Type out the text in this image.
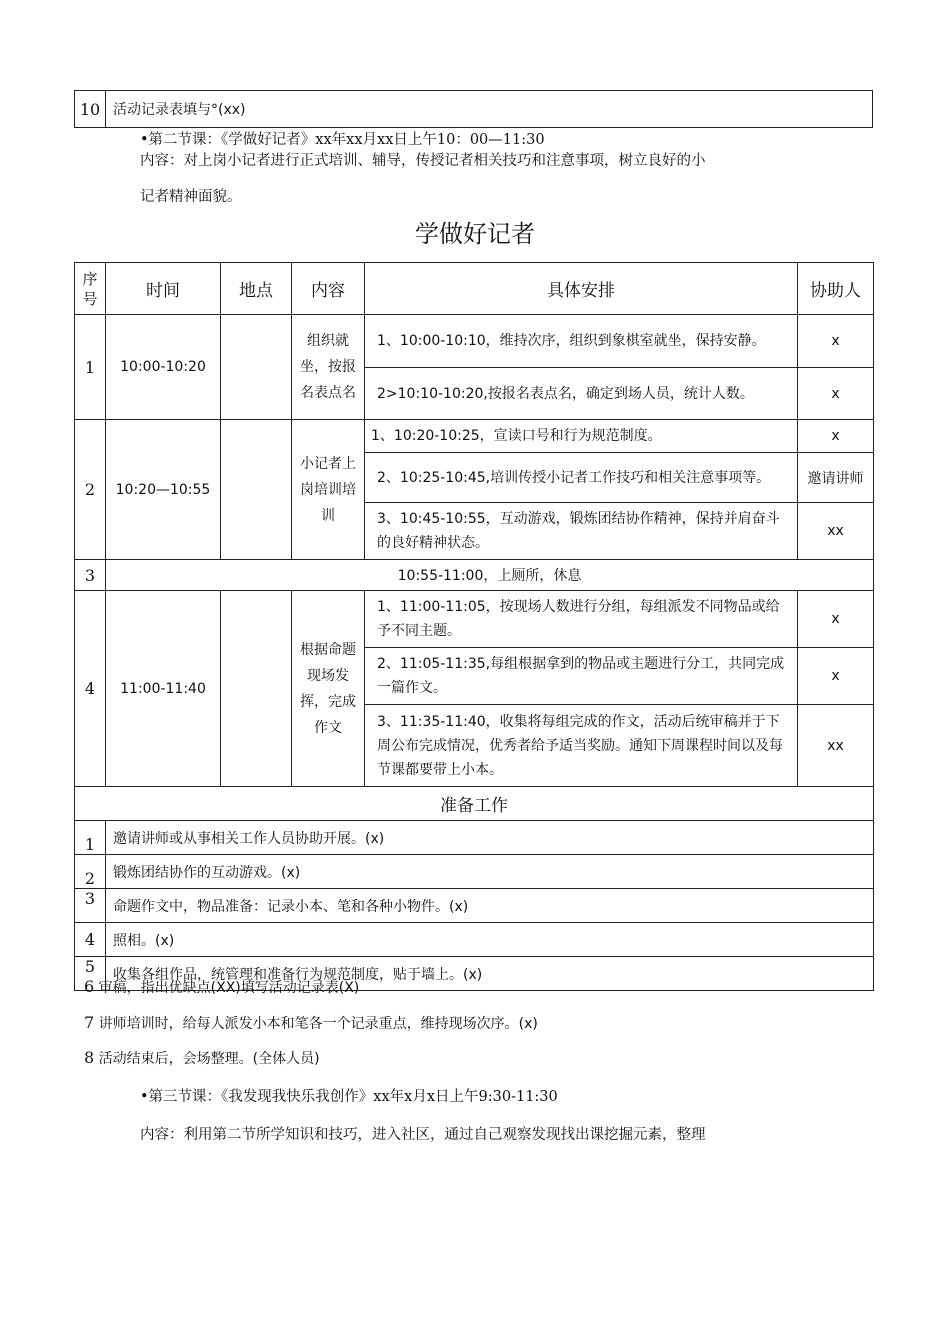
10	活动记录表填与°(xx)
•第二节课：《学做好记者》xx年xx月xx日上午10：00—11:30
内容：对上岗小记者进行正式培训、辅导，传授记者相关技巧和注意事项，树立良好的小
记者精神面貌。
学做好记者
序号	时间	地点	内容	具体安排	协助人
1	10:00-10:20		组织就坐，按报名表点名	1、10:00-10:10，维持次序，组织到象棋室就坐，保持安静。	x
				2>10:10-10:20,按报名表点名，确定到场人员，统计人数。	x
2	10:20—10:55		小记者上岗培训培训	1、10:20-10:25，宣读口号和行为规范制度。	x
				2、10:25-10:45,培训传授小记者工作技巧和相关注意事项等。	邀请讲师
				3、10:45-10:55，互动游戏，锻炼团结协作精神，保持并肩奋斗的良好精神状态。	xx
3	10:55-11:00，上厕所，休息				
4	11:00-11:40		根据命题现场发挥，完成作文	1、11:00-11:05，按现场人数进行分组，每组派发不同物品或给予不同主题。	x
				2、11:05-11:35,每组根据拿到的物品或主题进行分工，共同完成一篇作文。	x
				3、11:35-11:40，收集将每组完成的作文，活动后统审稿并于下周公布完成情况，优秀者给予适当奖励。通知下周课程时间以及每节课都要带上小本。	xx
准备工作					
1	邀请讲师或从事相关工作人员协助开展。(x)				
2	锻炼团结协作的互动游戏。(x)				
3	命题作文中，物品准备：记录小本、笔和各种小物件。(x)				
4	照相。(x)				
5	收集各组作品，统管理和准备行为规范制度，贴于墙上。(x)				
6 审稿，指出优缺点(XX)填写活动记录表(X)
7 讲师培训时，给每人派发小本和笔各一个记录重点，维持现场次序。(x)
8 活动结束后，会场整理。(全体人员)
•第三节课：《我发现我快乐我创作》xx年x月x日上午9:30-11:30
内容：利用第二节所学知识和技巧，进入社区，通过自己观察发现找出课挖掘元素，整理
